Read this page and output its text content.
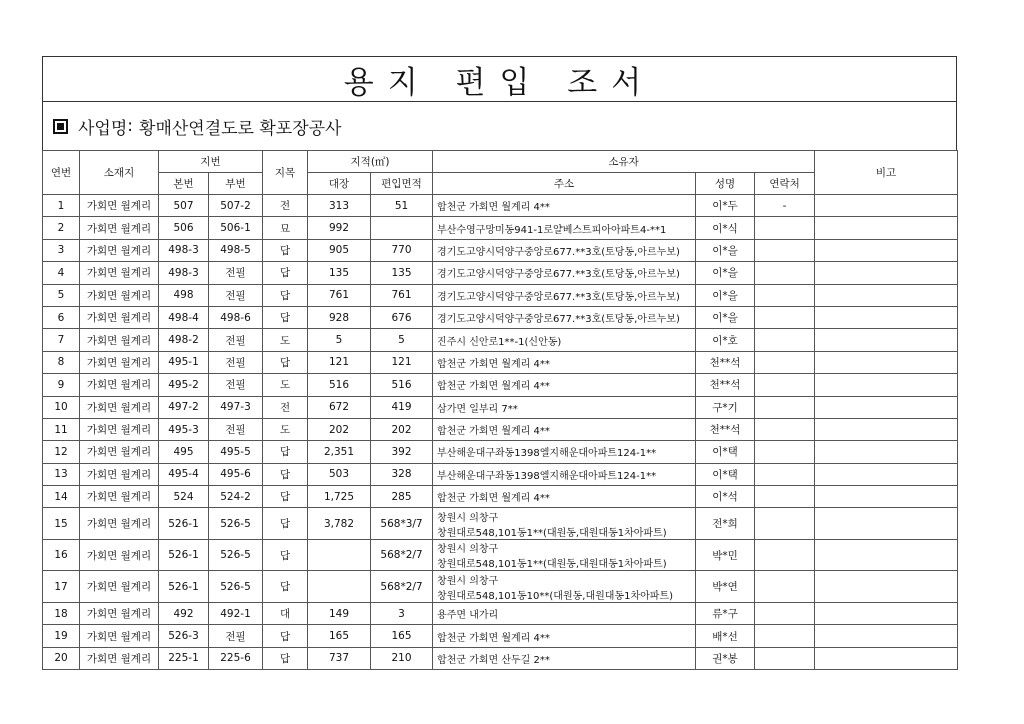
용지 편입 조서
사업명 : 황매산연결도로 확포장공사
연번	소재지	지번		지목	지적(㎡)		소유자			비고
		본번	부번		대장	편입면적	주소	성명	연락처	
1	가회면 월계리	507	507-2	전	313	51	합천군 가회면 월계리 4**	이*두	-	
2	가회면 월계리	506	506-1	묘	992		부산수영구망미동941-1로얄베스트피아아파트4-**1	이*식		
3	가회면 월계리	498-3	498-5	답	905	770	경기도고양시덕양구중앙로677.**3호(토당동,아르누보)	이*을		
4	가회면 월계리	498-3	전필	답	135	135	경기도고양시덕양구중앙로677.**3호(토당동,아르누보)	이*을		
5	가회면 월계리	498	전필	답	761	761	경기도고양시덕양구중앙로677.**3호(토당동,아르누보)	이*을		
6	가회면 월계리	498-4	498-6	답	928	676	경기도고양시덕양구중앙로677.**3호(토당동,아르누보)	이*을		
7	가회면 월계리	498-2	전필	도	5	5	진주시 신안로1**-1(신안동)	이*호		
8	가회면 월계리	495-1	전필	답	121	121	합천군 가회면 월계리 4**	천**석		
9	가회면 월계리	495-2	전필	도	516	516	합천군 가회면 월계리 4**	천**석		
10	가회면 월계리	497-2	497-3	전	672	419	삼가면 일부리 7**	구*기		
11	가회면 월계리	495-3	전필	도	202	202	합천군 가회면 월계리 4**	천**석		
12	가회면 월계리	495	495-5	답	2,351	392	부산해운대구좌동1398엘지해운대아파트124-1**	이*택		
13	가회면 월계리	495-4	495-6	답	503	328	부산해운대구좌동1398엘지해운대아파트124-1**	이*택		
14	가회면 월계리	524	524-2	답	1,725	285	합천군 가회면 월계리 4**	이*석		
15	가회면 월계리	526-1	526-5	답	3,782	568*3/7	창원시 의창구
창원대로548,101동1**(대원동,대원대동1차아파트)	전*희		
16	가회면 월계리	526-1	526-5	답		568*2/7	창원시 의창구
창원대로548,101동1**(대원동,대원대동1차아파트)	박*민		
17	가회면 월계리	526-1	526-5	답		568*2/7	창원시 의창구
창원대로548,101동10**(대원동,대원대동1차아파트)	박*연		
18	가회면 월계리	492	492-1	대	149	3	용주면 내가리	류*구		
19	가회면 월계리	526-3	전필	답	165	165	합천군 가회면 월계리 4**	배*선		
20	가회면 월계리	225-1	225-6	답	737	210	합천군 가회면 산두길 2**	권*봉		
